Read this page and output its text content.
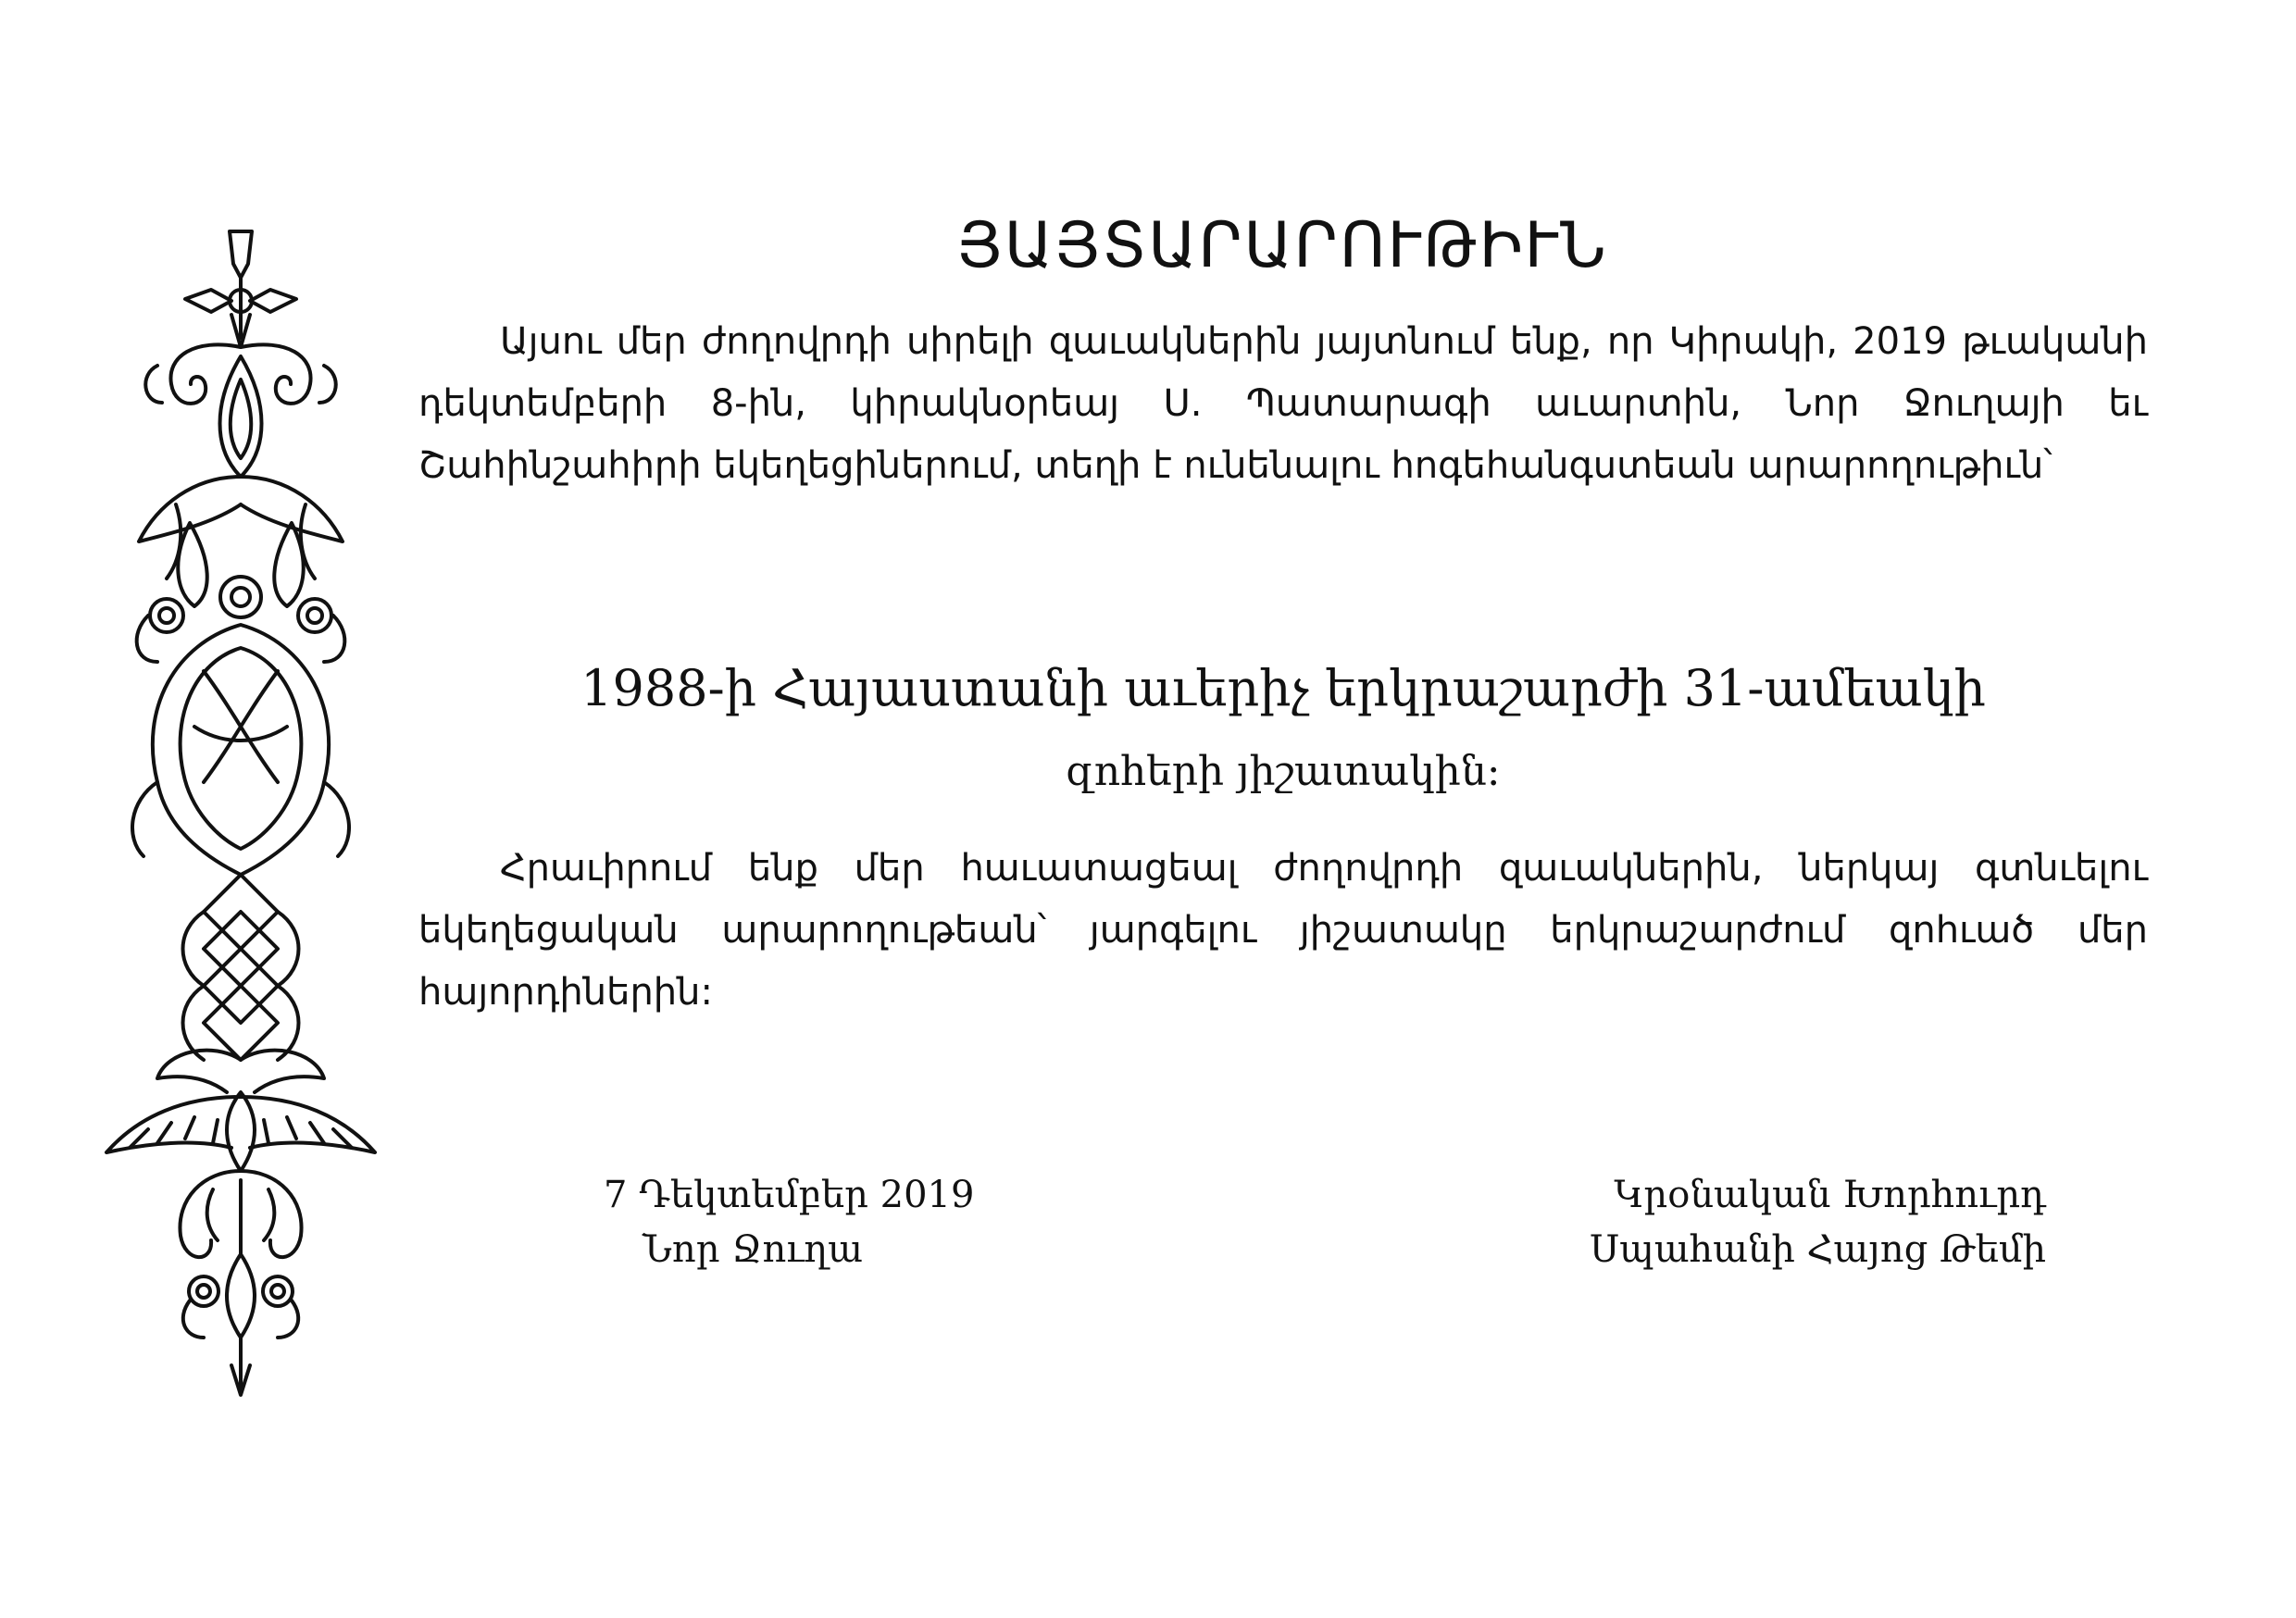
ՅԱՅՏԱՐԱՐՈՒԹԻՒՆ

Այսու մեր ժողովրդի սիրելի զաւակներին յայտնում ենք, որ Կիրակի, 2019 թւականի դեկտեմբերի 8-ին, կիրակնօրեայ Ս. Պատարագի աւարտին, Նոր Ջուղայի եւ Շահինշահիրի եկեղեցիներում, տեղի է ունենալու հոգեհանգստեան արարողութիւն՝

1988-ի Հայաստանի աւերիչ երկրաշարժի 31-ամեակի
զոհերի յիշատակին:

Հրաւիրում ենք մեր հաւատացեալ ժողովրդի զաւակներին, ներկայ գտնւելու եկեղեցական արարողութեան՝ յարգելու յիշատակը երկրաշարժում զոհւած մեր հայորդիներին:

7 Դեկտեմբեր 2019
Նոր Ջուղա
Կրօնական Խորհուրդ
Սպահանի Հայոց Թեմի
